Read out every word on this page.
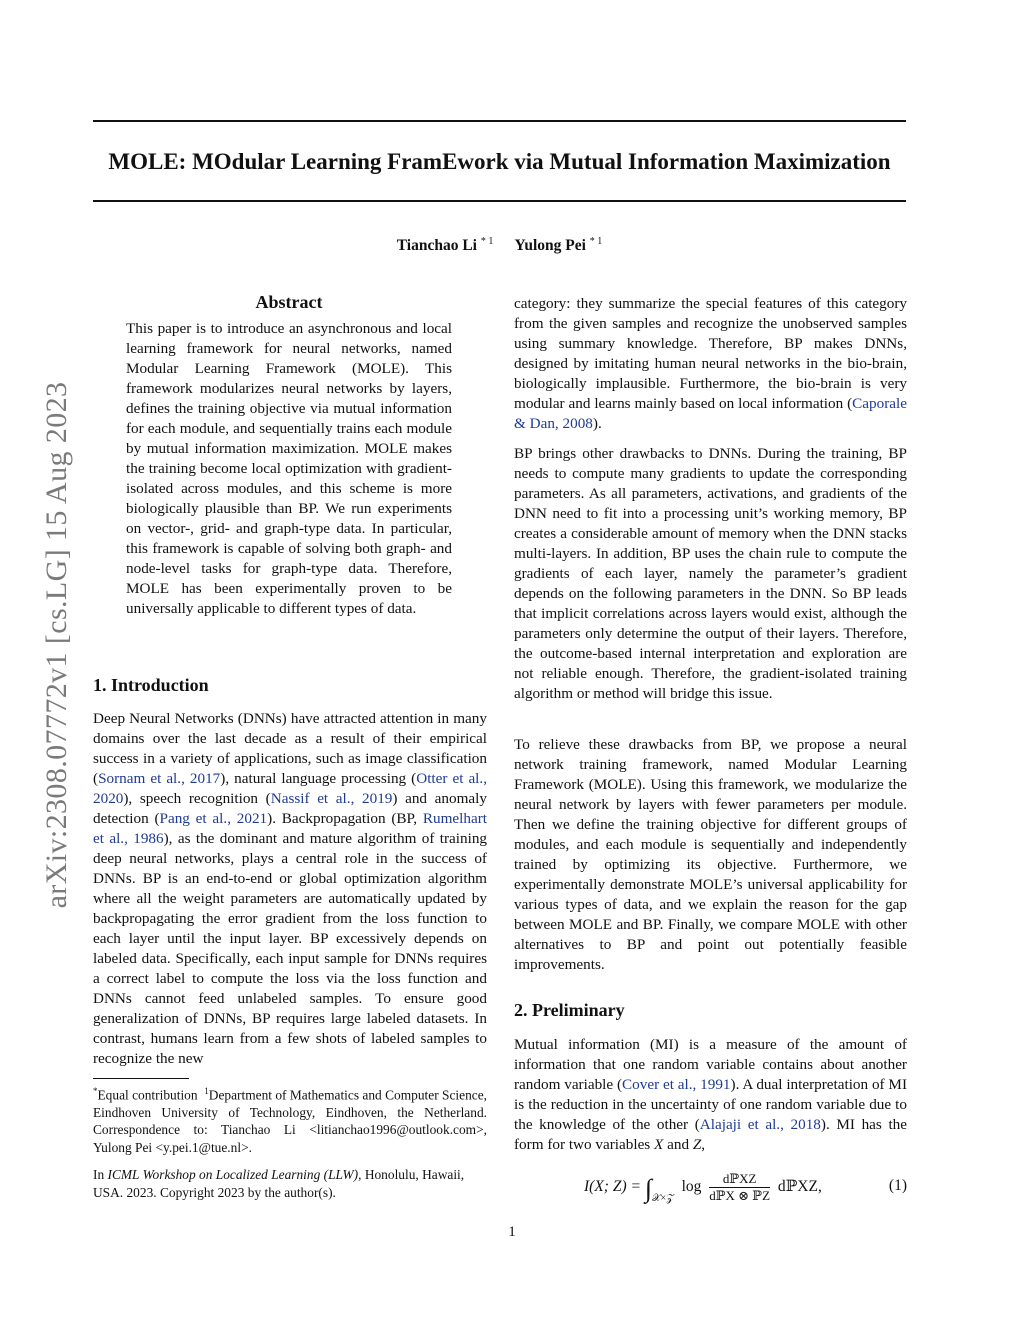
arXiv:2308.07772v1 [cs.LG] 15 Aug 2023
MOLE: MOdular Learning FramEwork via Mutual Information Maximization
Tianchao Li $^{* 1}$ Yulong Pei $^{* 1}$
Abstract

This paper is to introduce an asynchronous and local learning framework for neural networks, named Modular Learning Framework (MOLE). This framework modularizes neural networks by layers, defines the training objective via mutual information for each module, and sequentially trains each module by mutual information maximization. MOLE makes the training become local optimization with gradient-isolated across modules, and this scheme is more biologically plausible than BP. We run experiments on vector-, grid- and graph-type data. In particular, this framework is capable of solving both graph- and node-level tasks for graph-type data. Therefore, MOLE has been experimentally proven to be universally applicable to different types of data.

1. Introduction

Deep Neural Networks (DNNs) have attracted attention in many domains over the last decade as a result of their empirical success in a variety of applications, such as image classification (Sornam et al., 2017), natural language processing (Otter et al., 2020), speech recognition (Nassif et al., 2019) and anomaly detection (Pang et al., 2021). Backpropagation (BP, Rumelhart et al., 1986), as the dominant and mature algorithm of training deep neural networks, plays a central role in the success of DNNs. BP is an end-to-end or global optimization algorithm where all the weight parameters are automatically updated by backpropagating the error gradient from the loss function to each layer until the input layer. BP excessively depends on labeled data. Specifically, each input sample for DNNs requires a correct label to compute the loss via the loss function and DNNs cannot feed unlabeled samples. To ensure good generalization of DNNs, BP requires large labeled datasets. In contrast, humans learn from a few shots of labeled samples to recognize the new

*Equal contribution $^1$Department of Mathematics and Computer Science, Eindhoven University of Technology, Eindhoven, the Netherland. Correspondence to: Tianchao Li <litianchao1996@outlook.com>, Yulong Pei <y.pei.1@tue.nl>.

In ICML Workshop on Localized Learning (LLW), Honolulu, Hawaii, USA. 2023. Copyright 2023 by the author(s).

category: they summarize the special features of this category from the given samples and recognize the unobserved samples using summary knowledge. Therefore, BP makes DNNs, designed by imitating human neural networks in the bio-brain, biologically implausible. Furthermore, the bio-brain is very modular and learns mainly based on local information (Caporale & Dan, 2008).

BP brings other drawbacks to DNNs. During the training, BP needs to compute many gradients to update the corresponding parameters. As all parameters, activations, and gradients of the DNN need to fit into a processing unit’s working memory, BP creates a considerable amount of memory when the DNN stacks multi-layers. In addition, BP uses the chain rule to compute the gradients of each layer, namely the parameter’s gradient depends on the following parameters in the DNN. So BP leads that implicit correlations across layers would exist, although the parameters only determine the output of their layers. Therefore, the outcome-based internal interpretation and exploration are not reliable enough. Therefore, the gradient-isolated training algorithm or method will bridge this issue.

To relieve these drawbacks from BP, we propose a neural network training framework, named Modular Learning Framework (MOLE). Using this framework, we modularize the neural network by layers with fewer parameters per module. Then we define the training objective for different groups of modules, and each module is sequentially and independently trained by optimizing its objective. Furthermore, we experimentally demonstrate MOLE’s universal applicability for various types of data, and we explain the reason for the gap between MOLE and BP. Finally, we compare MOLE with other alternatives to BP and point out potentially feasible improvements.

2. Preliminary

Mutual information (MI) is a measure of the amount of information that one random variable contains about another random variable (Cover et al., 1991). A dual interpretation of MI is the reduction in the uncertainty of one random variable due to the knowledge of the other (Alajaji et al., 2018). MI has the form for two variables X and Z,

I(X; $Z) = \int_{𝒳\times 𝒵}$  $\log \frac{\text{dℙXZ}}{\text{dℙX ⊗ ℙZ}}$ dℙXZ,	(1)
1
